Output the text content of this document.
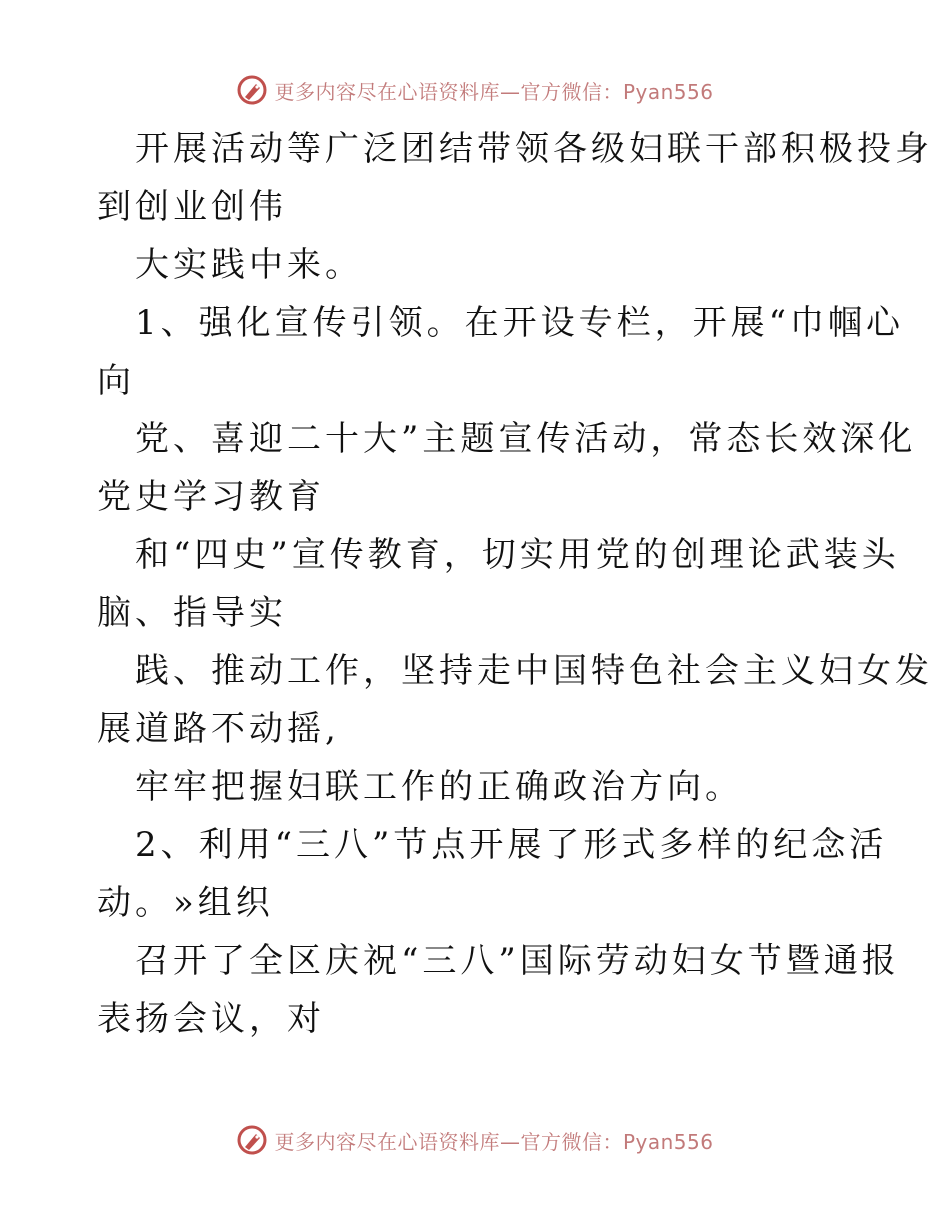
更多内容尽在心语资料库—官方微信：Pyan556
开展活动等广泛团结带领各级妇联干部积极投身
到创业创伟
大实践中来。
1、强化宣传引领。在开设专栏，开展“巾帼心
向
党、喜迎二十大”主题宣传活动，常态长效深化
党史学习教育
和“四史”宣传教育，切实用党的创理论武装头
脑、指导实
践、推动工作，坚持走中国特色社会主义妇女发
展道路不动摇,
牢牢把握妇联工作的正确政治方向。
2、利用“三八”节点开展了形式多样的纪念活
动。»组织
召开了全区庆祝“三八”国际劳动妇女节暨通报
表扬会议，对
更多内容尽在心语资料库—官方微信：Pyan556
